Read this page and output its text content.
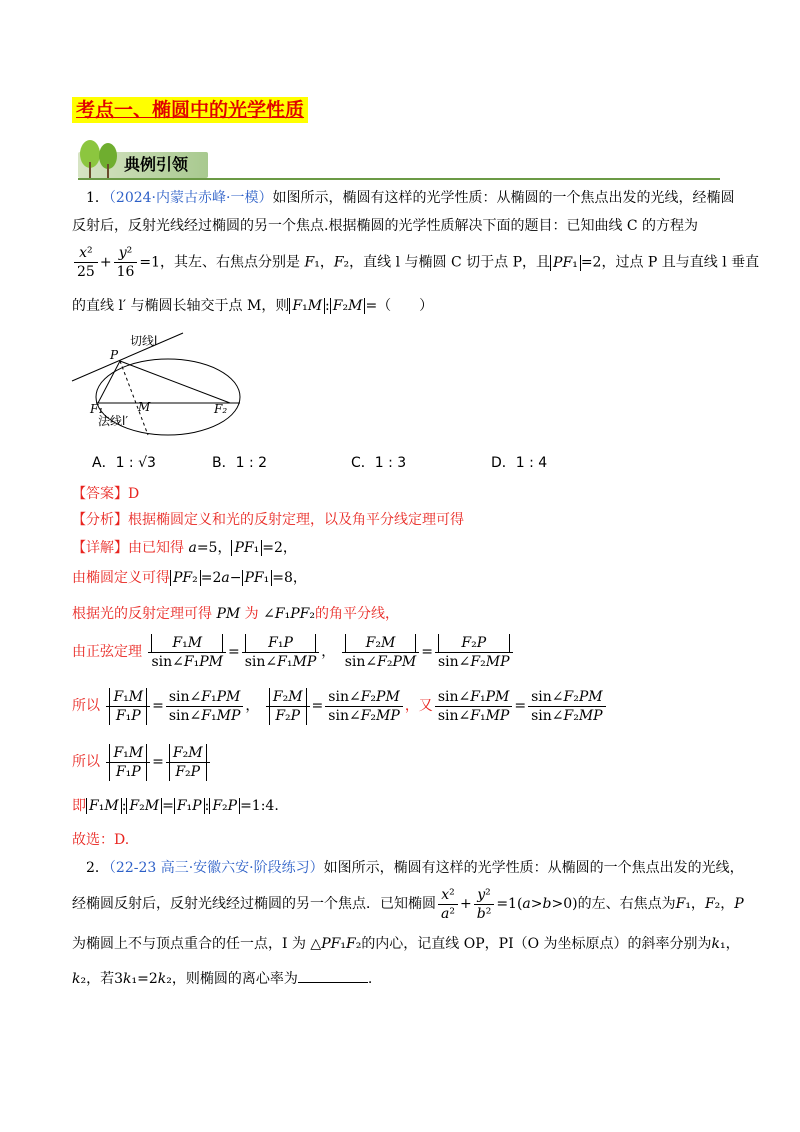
考点一、椭圆中的光学性质
典例引领
1．（2024·内蒙古赤峰·一模）如图所示，椭圆有这样的光学性质：从椭圆的一个焦点出发的光线，经椭圆
反射后，反射光线经过椭圆的另一个焦点.根据椭圆的光学性质解决下面的题目：已知曲线 C 的方程为
$\frac{\text{x²}}{25} + \frac{\text{y²}}{16} =1$，其左、右焦点分别是 F₁，F₂，直线 l 与椭圆 C 切于点 P，且 PF₁ =2，过点 P 且与直线 l 垂直
的直线 l′ 与椭圆长轴交于点 M，则 F₁M : F₂M =（　　）
切线l
P
F₁	M	F₂
法线l′
A．1 : √3	B．1 : 2	C．1 : 3	D．1 : 4
【答案】D
【分析】根据椭圆定义和光的反射定理，以及角平分线定理可得
【详解】由已知得 a=5， PF₁ =2，
由椭圆定义可得 PF₂ =2a− PF₁ =8，
根据光的反射定理可得 PM 为 ∠F₁PF₂的角平分线，
由正弦定理 $\frac{\text{F₁M}}{\text{sin∠F₁PM}} = \frac{\text{F₁P}}{\text{sin∠F₁MP}}$ ， $\frac{\text{F₂M}}{\text{sin∠F₂PM}} = \frac{\text{F₂P}}{\text{sin∠F₂MP}}$
所以 $\frac{\text{F₁M}}{\text{F₁P}} = \frac{\text{sin∠F₁PM}}{\text{sin∠F₁MP}}$ ， $\frac{\text{F₂M}}{\text{F₂P}} = \frac{\text{sin∠F₂PM}}{\text{sin∠F₂MP}}$ ，又 $\frac{\text{sin∠F₁PM}}{\text{sin∠F₁MP}} = \frac{\text{sin∠F₂PM}}{\text{sin∠F₂MP}}$
所以 $\frac{\text{F₁M}}{\text{F₁P}} = \frac{\text{F₂M}}{\text{F₂P}}$
即 F₁M : F₂M = F₁P : F₂P =1:4.
故选：D.
2．（22-23 高三·安徽六安·阶段练习）如图所示，椭圆有这样的光学性质：从椭圆的一个焦点出发的光线，
经椭圆反射后，反射光线经过椭圆的另一个焦点．已知椭圆 $\frac{\text{x²}}{\text{a²}} + \frac{\text{y²}}{\text{b²}} =1(a>b>0)$的左、右焦点为F₁，F₂，P
为椭圆上不与顶点重合的任一点，I 为 △PF₁F₂的内心，记直线 OP，PI（O 为坐标原点）的斜率分别为k₁，
k₂，若3k₁=2k₂，则椭圆的离心率为	.
